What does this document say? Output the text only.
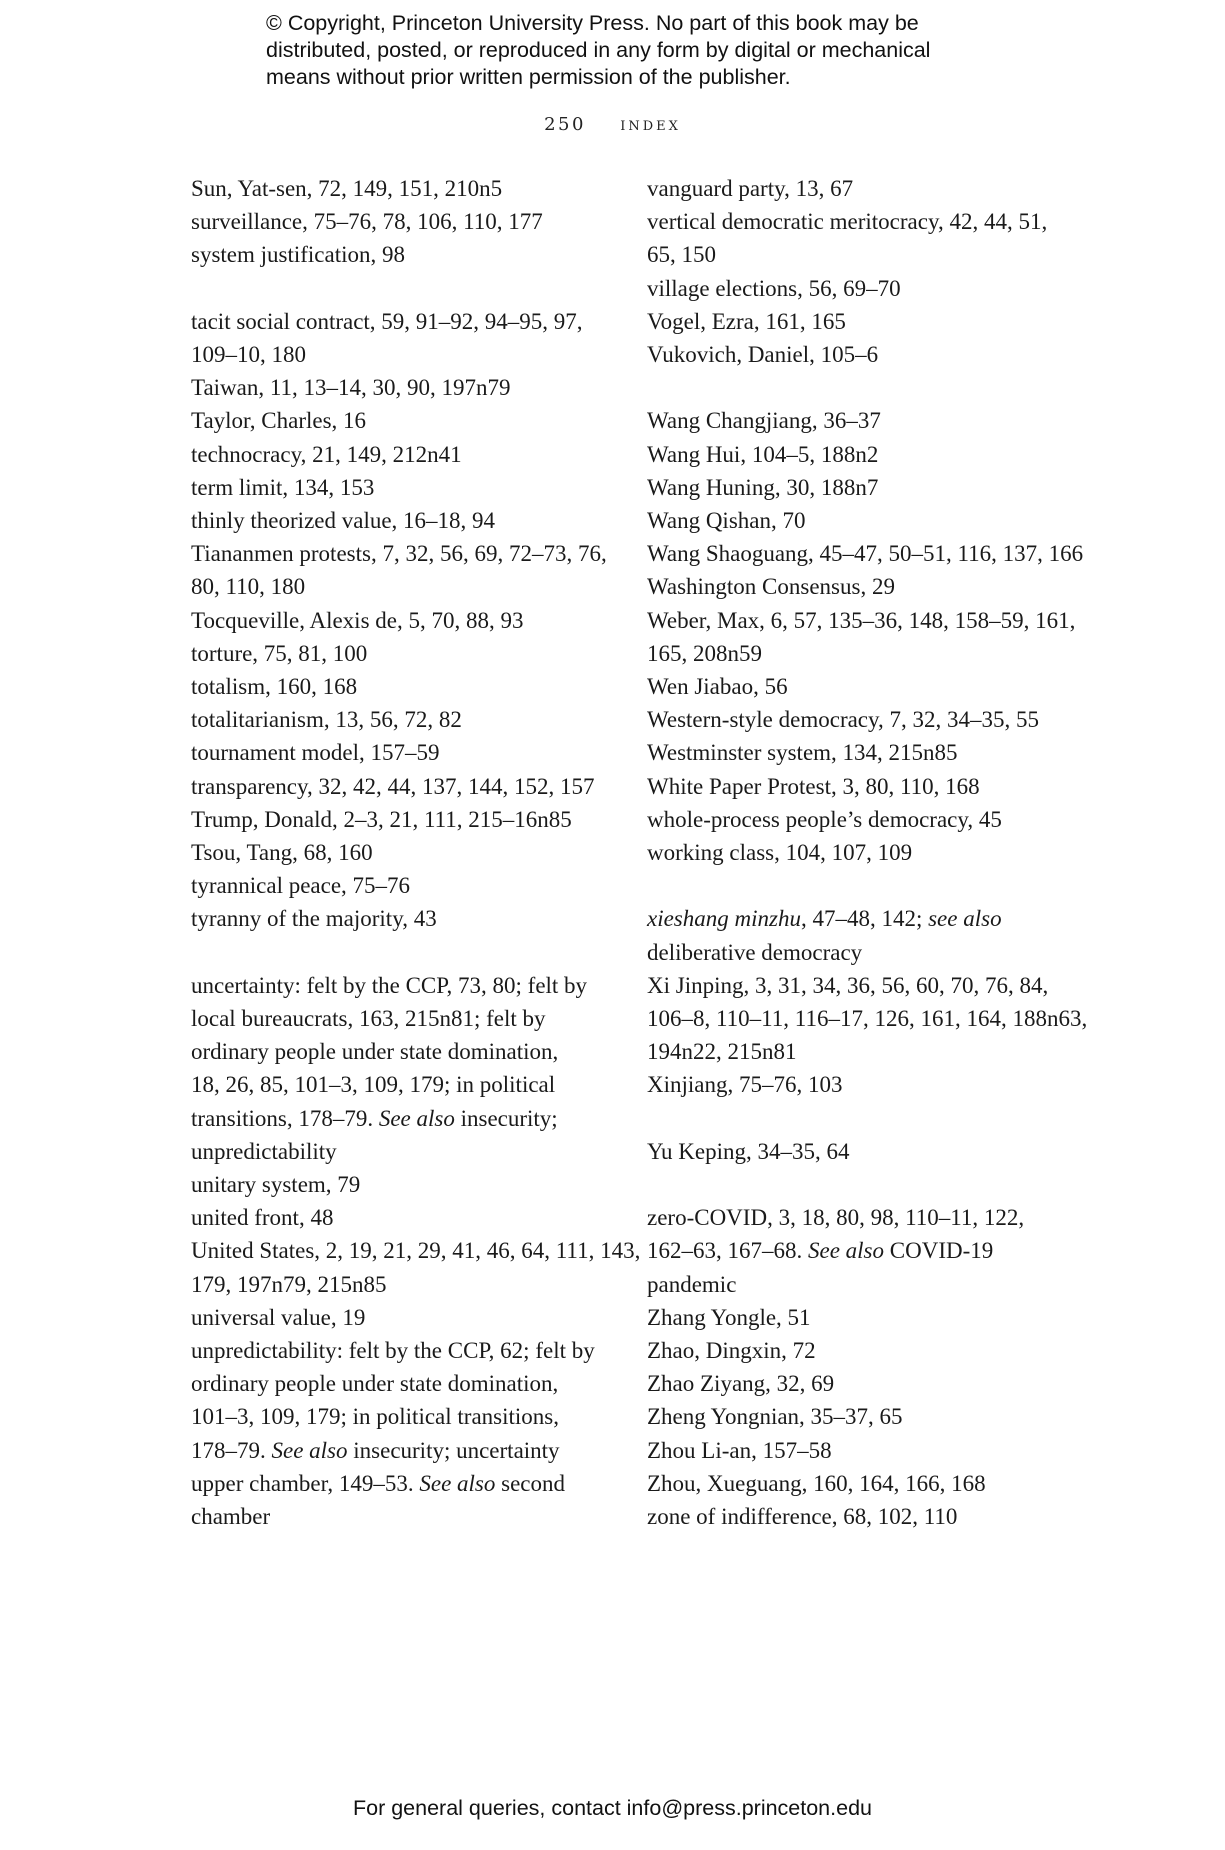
© Copyright, Princeton University Press. No part of this book may be
distributed, posted, or reproduced in any form by digital or mechanical
means without prior written permission of the publisher.
250 index
Sun, Yat-sen, 72, 149, 151, 210n5
surveillance, 75–76, 78, 106, 110, 177
system justification, 98
tacit social contract, 59, 91–92, 94–95, 97,
109–10, 180
Taiwan, 11, 13–14, 30, 90, 197n79
Taylor, Charles, 16
technocracy, 21, 149, 212n41
term limit, 134, 153
thinly theorized value, 16–18, 94
Tiananmen protests, 7, 32, 56, 69, 72–73, 76,
80, 110, 180
Tocqueville, Alexis de, 5, 70, 88, 93
torture, 75, 81, 100
totalism, 160, 168
totalitarianism, 13, 56, 72, 82
tournament model, 157–59
transparency, 32, 42, 44, 137, 144, 152, 157
Trump, Donald, 2–3, 21, 111, 215–16n85
Tsou, Tang, 68, 160
tyrannical peace, 75–76
tyranny of the majority, 43
uncertainty: felt by the CCP, 73, 80; felt by
local bureaucrats, 163, 215n81; felt by
ordinary people under state domination,
18, 26, 85, 101–3, 109, 179; in political
transitions, 178–79. See also insecurity;
unpredictability
unitary system, 79
united front, 48
United States, 2, 19, 21, 29, 41, 46, 64, 111, 143,
179, 197n79, 215n85
universal value, 19
unpredictability: felt by the CCP, 62; felt by
ordinary people under state domination,
101–3, 109, 179; in political transitions,
178–79. See also insecurity; uncertainty
upper chamber, 149–53. See also second
chamber
vanguard party, 13, 67
vertical democratic meritocracy, 42, 44, 51,
65, 150
village elections, 56, 69–70
Vogel, Ezra, 161, 165
Vukovich, Daniel, 105–6
Wang Changjiang, 36–37
Wang Hui, 104–5, 188n2
Wang Huning, 30, 188n7
Wang Qishan, 70
Wang Shaoguang, 45–47, 50–51, 116, 137, 166
Washington Consensus, 29
Weber, Max, 6, 57, 135–36, 148, 158–59, 161,
165, 208n59
Wen Jiabao, 56
Western-style democracy, 7, 32, 34–35, 55
Westminster system, 134, 215n85
White Paper Protest, 3, 80, 110, 168
whole-process people’s democracy, 45
working class, 104, 107, 109
xieshang minzhu, 47–48, 142; see also
deliberative democracy
Xi Jinping, 3, 31, 34, 36, 56, 60, 70, 76, 84,
106–8, 110–11, 116–17, 126, 161, 164, 188n63,
194n22, 215n81
Xinjiang, 75–76, 103
Yu Keping, 34–35, 64
zero-COVID, 3, 18, 80, 98, 110–11, 122,
162–63, 167–68. See also COVID-19
pandemic
Zhang Yongle, 51
Zhao, Dingxin, 72
Zhao Ziyang, 32, 69
Zheng Yongnian, 35–37, 65
Zhou Li-an, 157–58
Zhou, Xueguang, 160, 164, 166, 168
zone of indifference, 68, 102, 110
For general queries, contact info@press.princeton.edu
